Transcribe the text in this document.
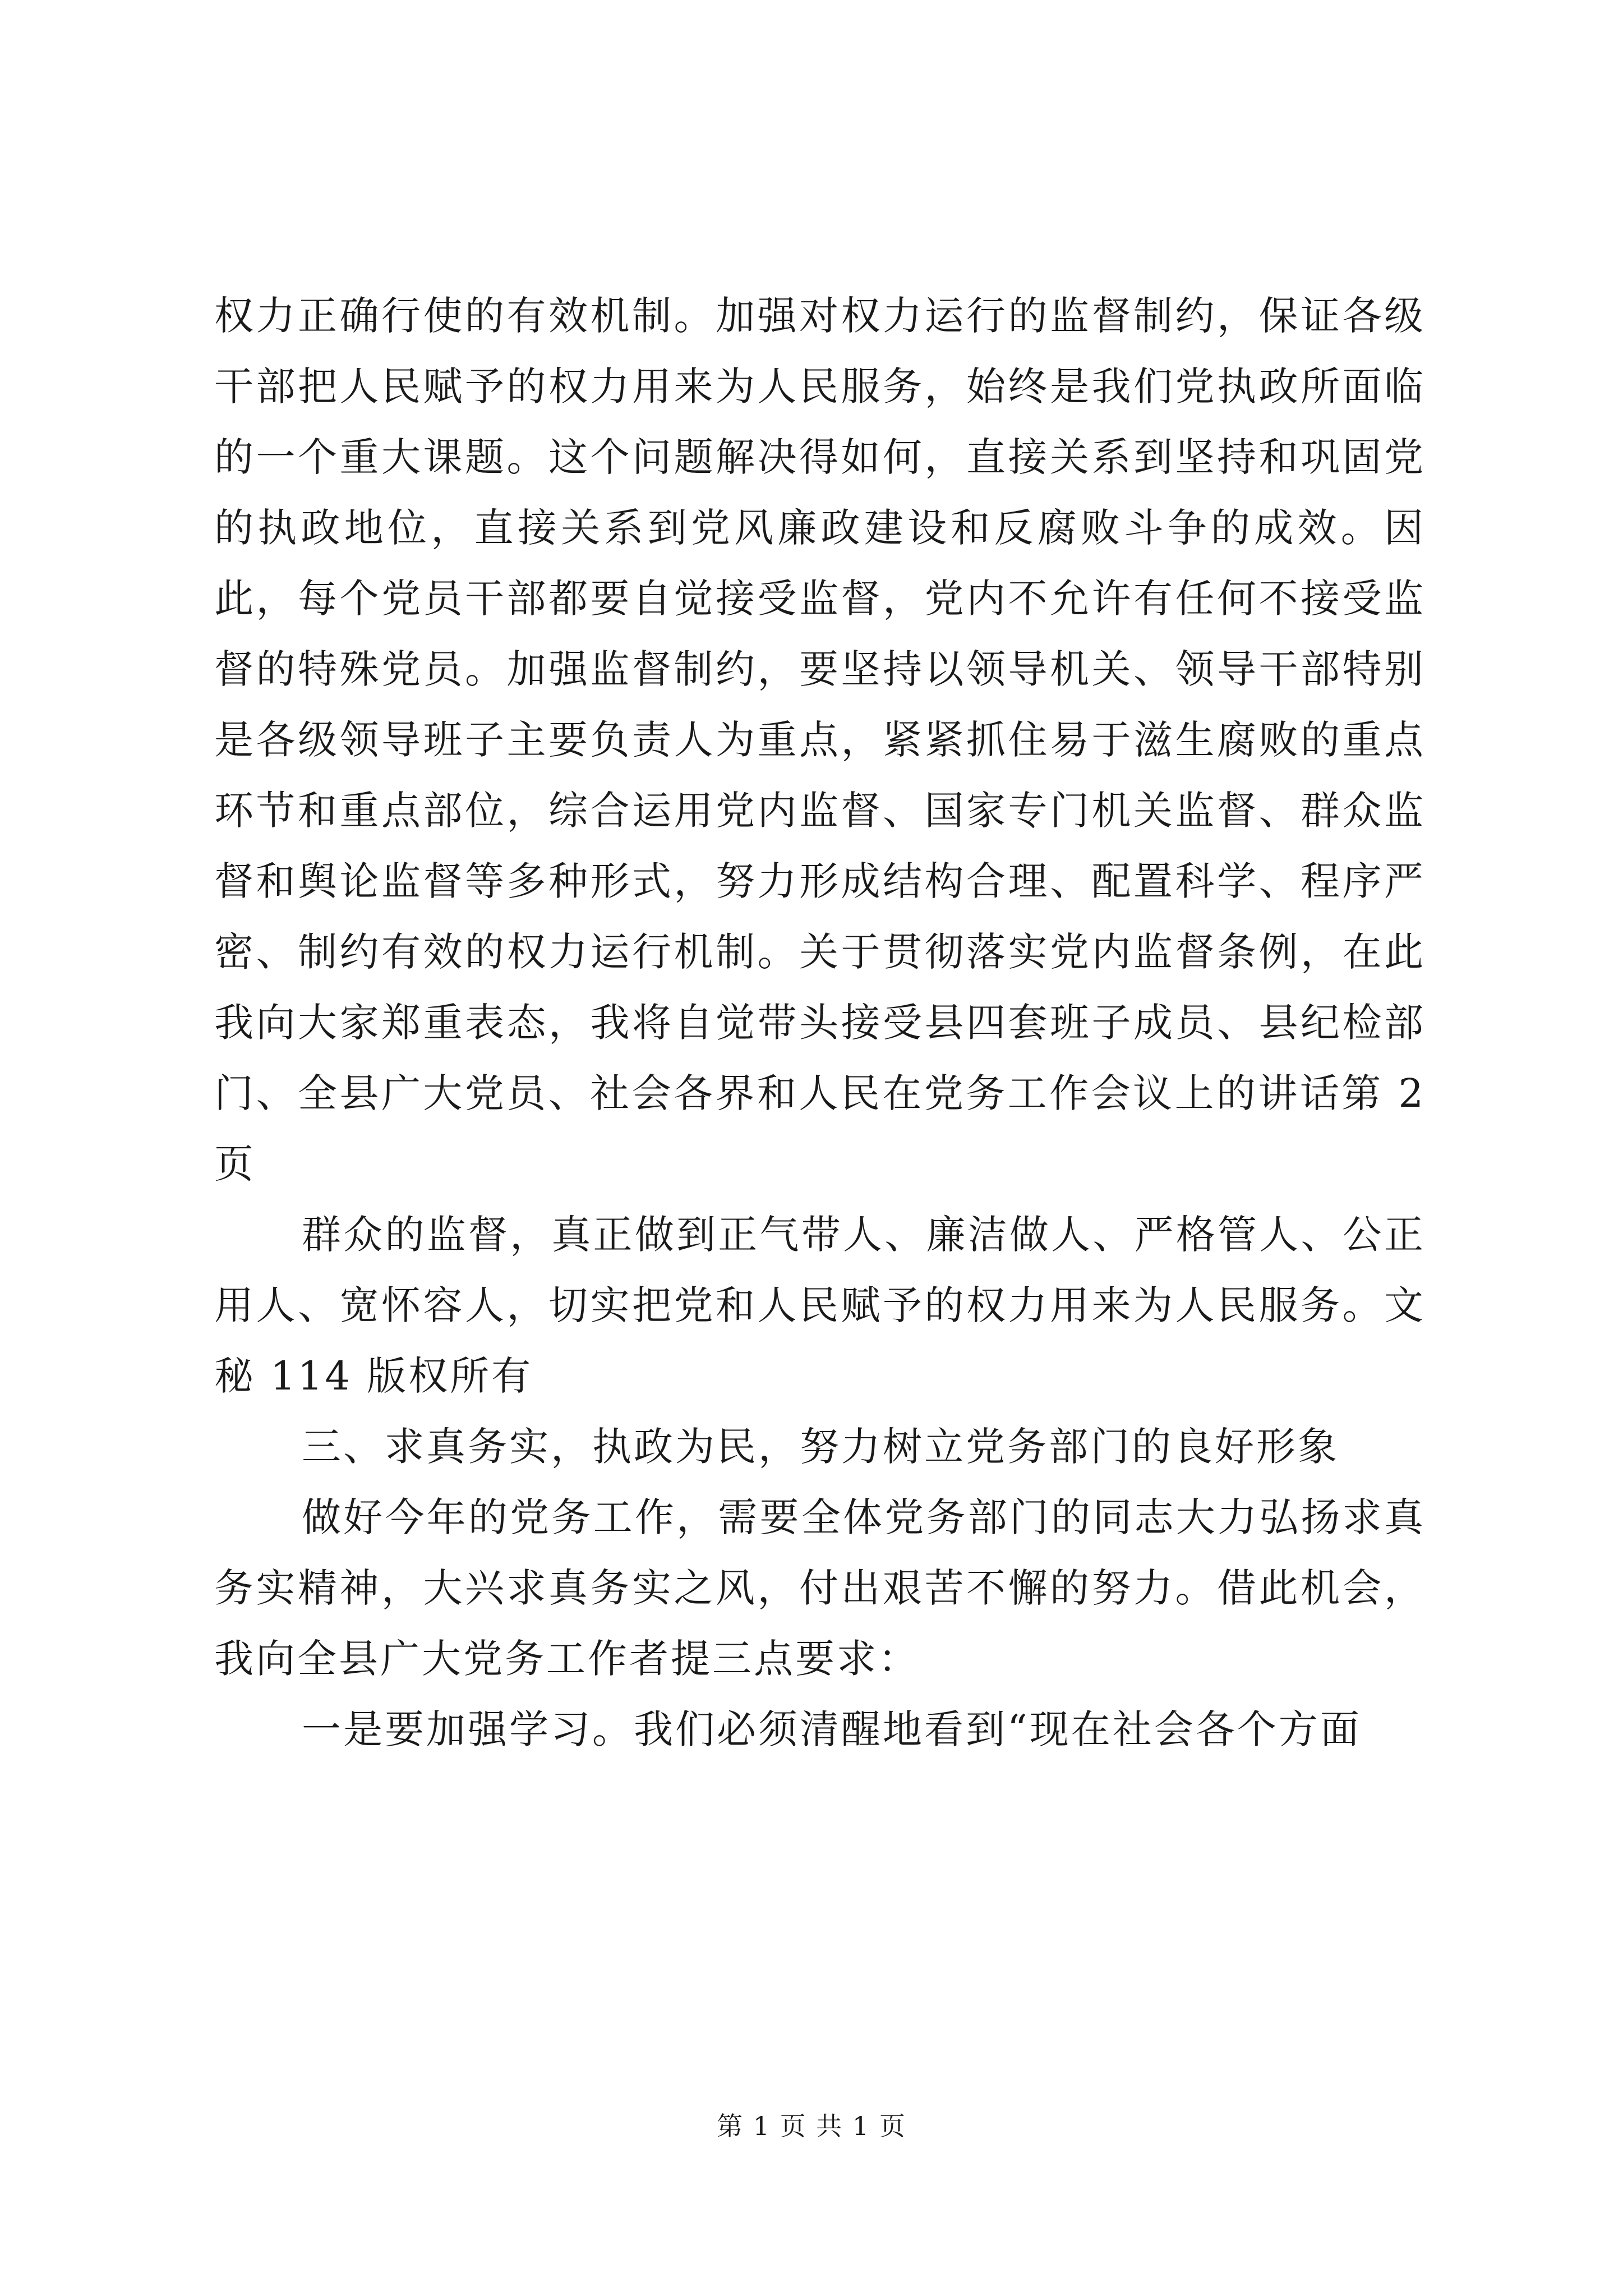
权力正确行使的有效机制。加强对权力运行的监督制约，保证各级干部把人民赋予的权力用来为人民服务，始终是我们党执政所面临的一个重大课题。这个问题解决得如何，直接关系到坚持和巩固党的执政地位，直接关系到党风廉政建设和反腐败斗争的成效。因此，每个党员干部都要自觉接受监督，党内不允许有任何不接受监督的特殊党员。加强监督制约，要坚持以领导机关、领导干部特别是各级领导班子主要负责人为重点，紧紧抓住易于滋生腐败的重点环节和重点部位，综合运用党内监督、国家专门机关监督、群众监督和舆论监督等多种形式，努力形成结构合理、配置科学、程序严密、制约有效的权力运行机制。关于贯彻落实党内监督条例，在此我向大家郑重表态，我将自觉带头接受县四套班子成员、县纪检部门、全县广大党员、社会各界和人民在党务工作会议上的讲话第 2 页

群众的监督，真正做到正气带人、廉洁做人、严格管人、公正用人、宽怀容人，切实把党和人民赋予的权力用来为人民服务。文秘 114 版权所有

三、求真务实，执政为民，努力树立党务部门的良好形象

做好今年的党务工作，需要全体党务部门的同志大力弘扬求真务实精神，大兴求真务实之风，付出艰苦不懈的努力。借此机会，我向全县广大党务工作者提三点要求：

一是要加强学习。我们必须清醒地看到“现在社会各个方面

第 1 页 共 1 页
